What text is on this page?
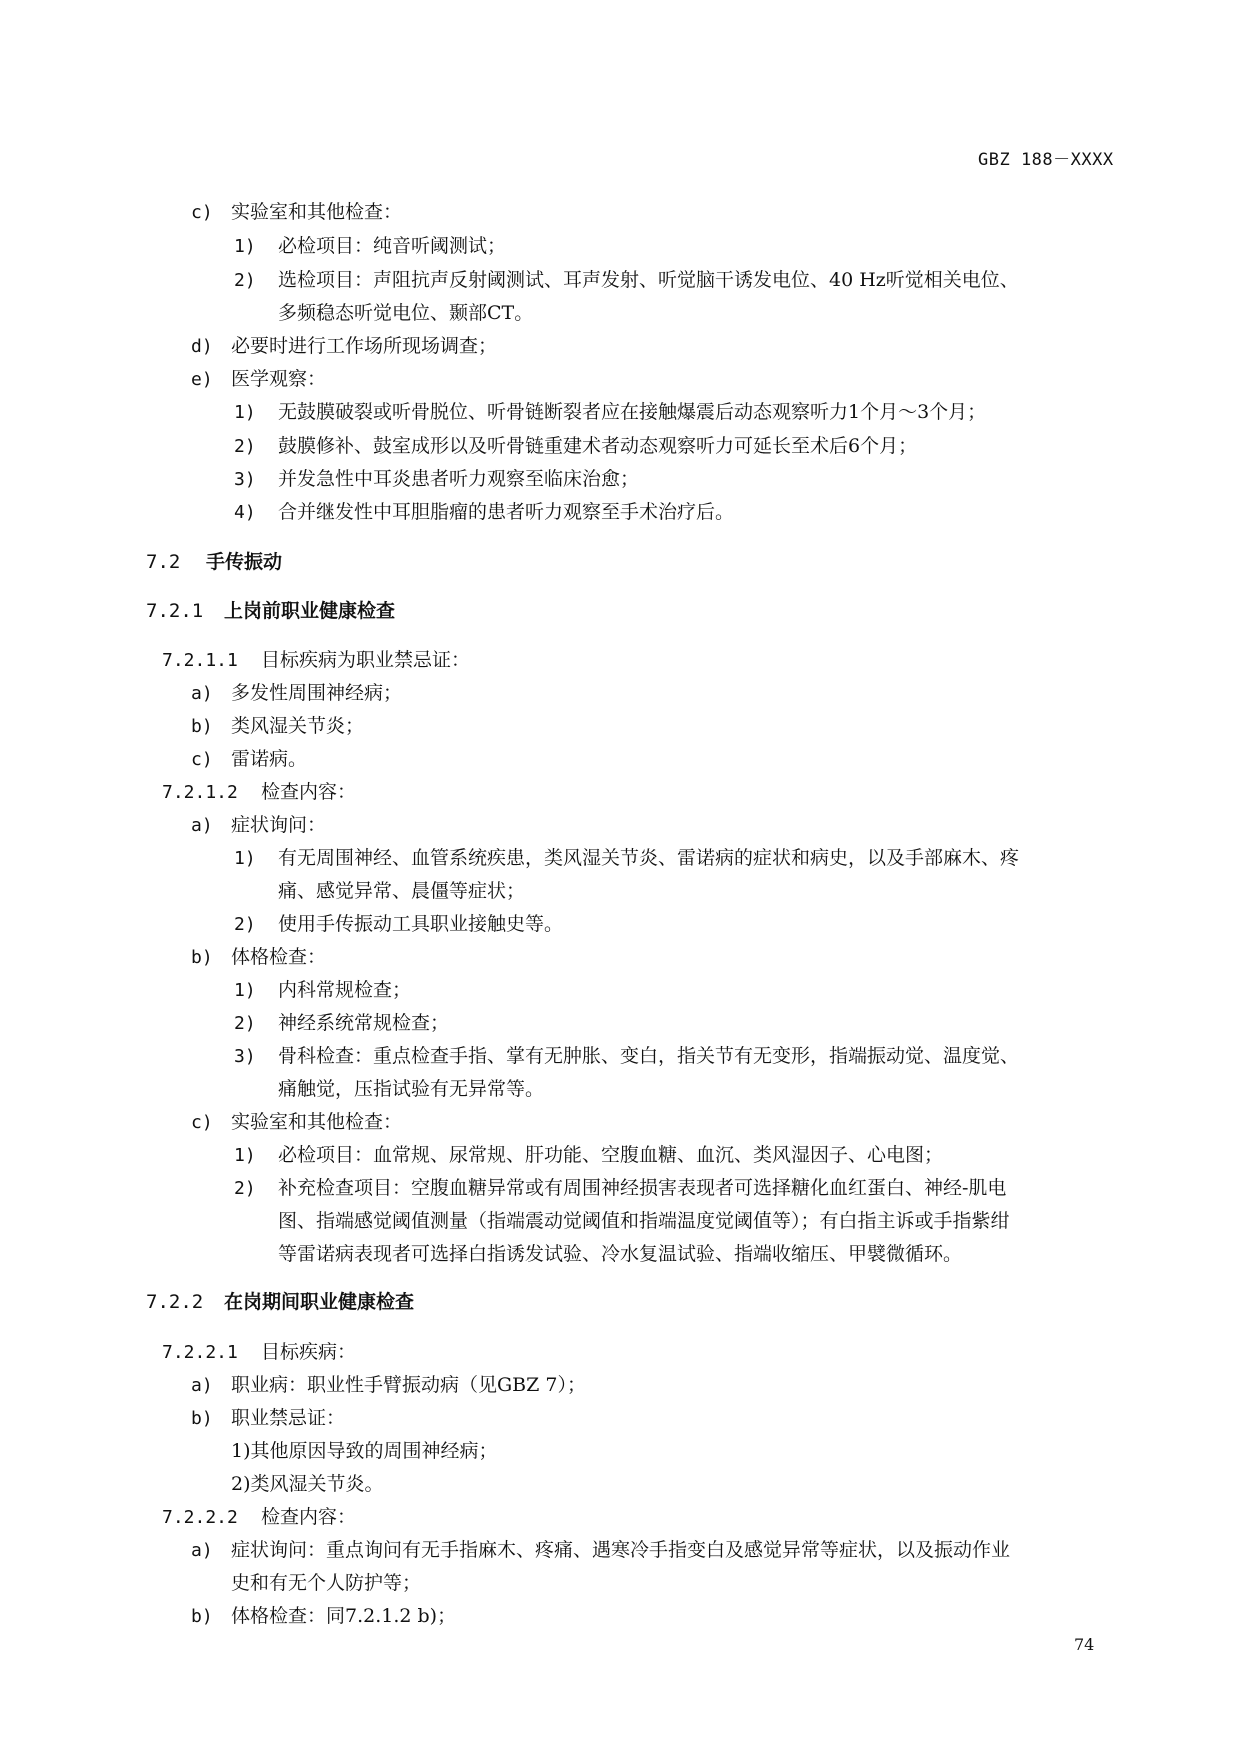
GBZ 188－XXXX
c) 实验室和其他检查：
1) 必检项目：纯音听阈测试；
2) 选检项目：声阻抗声反射阈测试、耳声发射、听觉脑干诱发电位、40 Hz听觉相关电位、
多频稳态听觉电位、颞部CT。
d) 必要时进行工作场所现场调查；
e) 医学观察：
1) 无鼓膜破裂或听骨脱位、听骨链断裂者应在接触爆震后动态观察听力1个月～3个月；
2) 鼓膜修补、鼓室成形以及听骨链重建术者动态观察听力可延长至术后6个月；
3) 并发急性中耳炎患者听力观察至临床治愈；
4) 合并继发性中耳胆脂瘤的患者听力观察至手术治疗后。
7.2 手传振动
7.2.1 上岗前职业健康检查
7.2.1.1 目标疾病为职业禁忌证：
a) 多发性周围神经病；
b) 类风湿关节炎；
c) 雷诺病。
7.2.1.2 检查内容：
a) 症状询问：
1) 有无周围神经、血管系统疾患，类风湿关节炎、雷诺病的症状和病史，以及手部麻木、疼
痛、感觉异常、晨僵等症状；
2) 使用手传振动工具职业接触史等。
b) 体格检查：
1) 内科常规检查；
2) 神经系统常规检查；
3) 骨科检查：重点检查手指、掌有无肿胀、变白，指关节有无变形，指端振动觉、温度觉、
痛触觉，压指试验有无异常等。
c) 实验室和其他检查：
1) 必检项目：血常规、尿常规、肝功能、空腹血糖、血沉、类风湿因子、心电图；
2) 补充检查项目：空腹血糖异常或有周围神经损害表现者可选择糖化血红蛋白、神经-肌电
图、指端感觉阈值测量（指端震动觉阈值和指端温度觉阈值等）；有白指主诉或手指紫绀
等雷诺病表现者可选择白指诱发试验、冷水复温试验、指端收缩压、甲襞微循环。
7.2.2 在岗期间职业健康检查
7.2.2.1 目标疾病：
a) 职业病：职业性手臂振动病（见GBZ 7）；
b) 职业禁忌证：
1)其他原因导致的周围神经病；
2)类风湿关节炎。
7.2.2.2 检查内容：
a) 症状询问：重点询问有无手指麻木、疼痛、遇寒冷手指变白及感觉异常等症状，以及振动作业
史和有无个人防护等；
b) 体格检查：同7.2.1.2 b)；
74
